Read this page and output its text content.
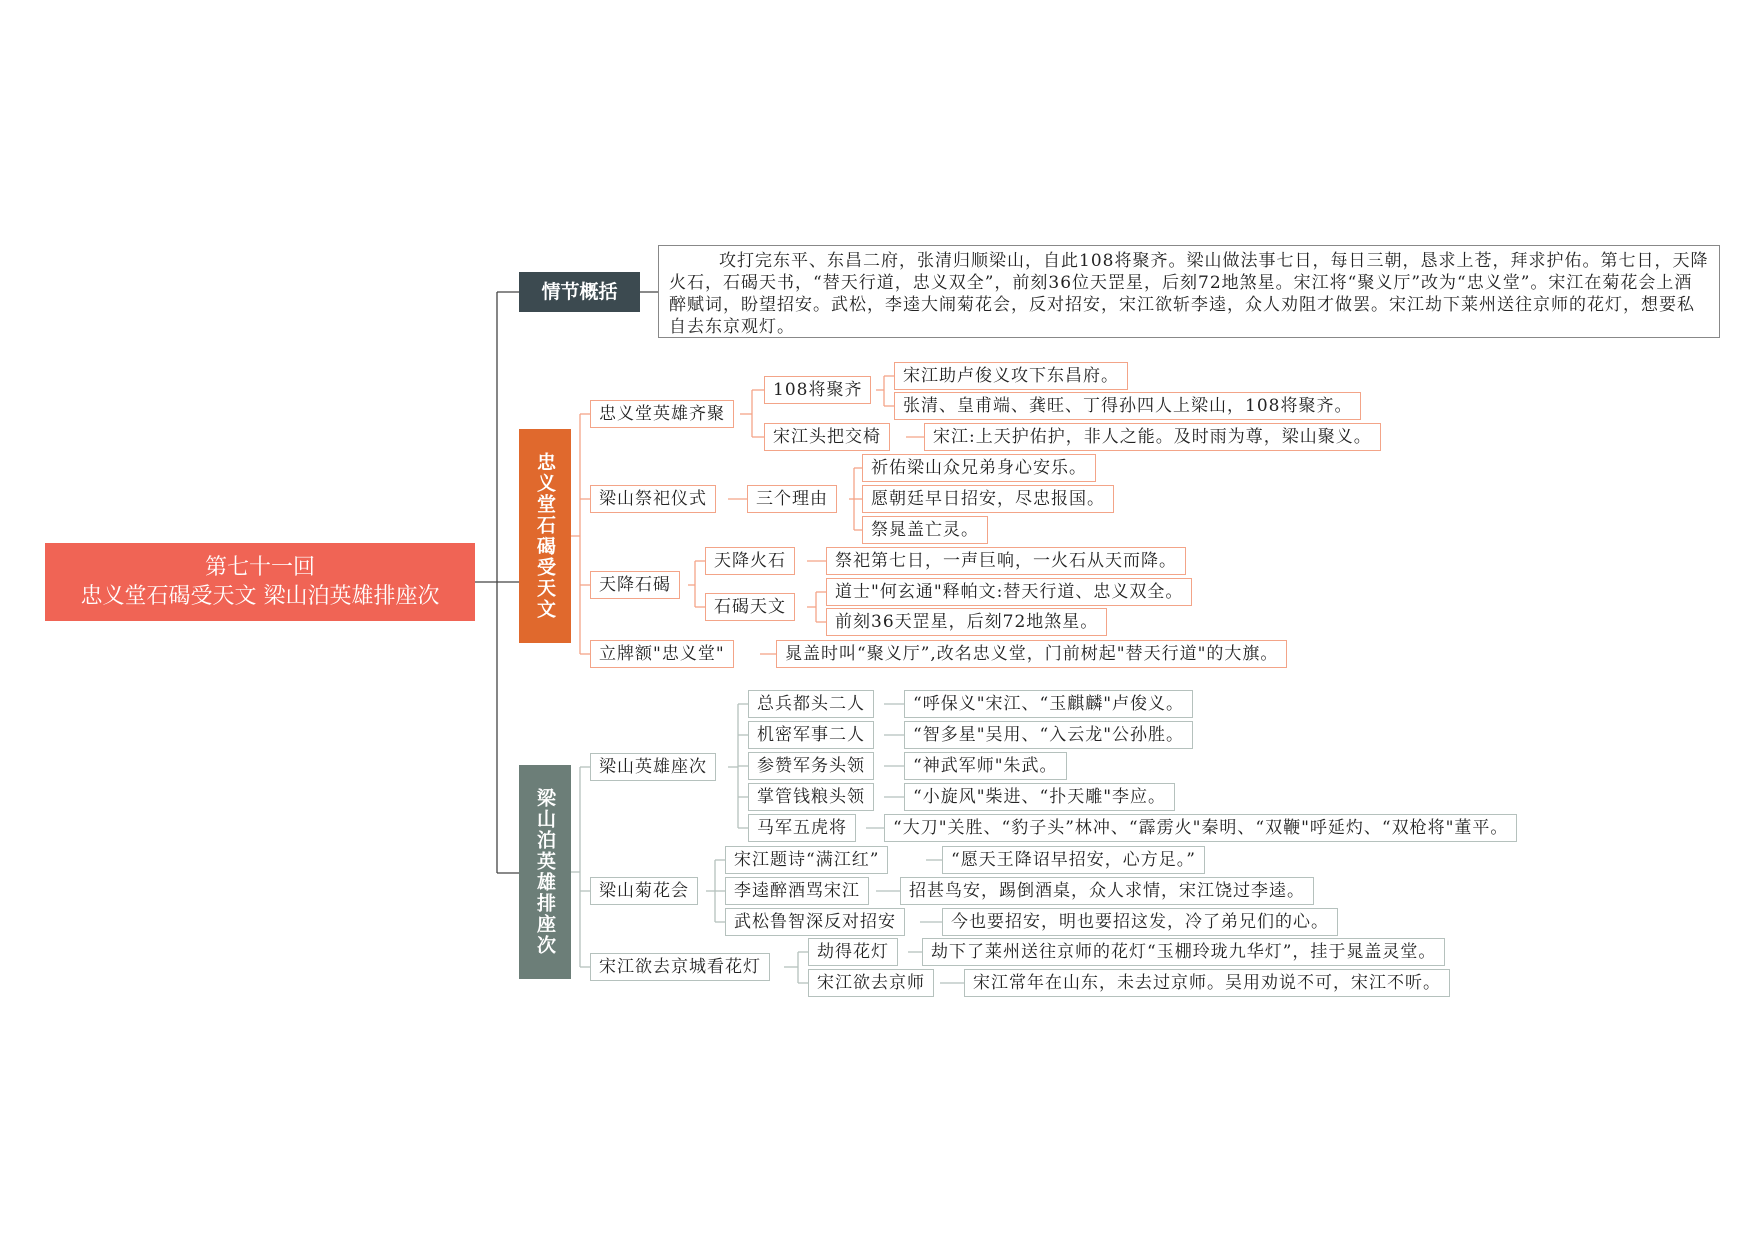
第七十一回
忠义堂石碣受天文 梁山泊英雄排座次
情节概括
攻打完东平、东昌二府，张清归顺梁山，自此108将聚齐。梁山做法事七日，每日三朝，恳求上苍，拜求护佑。第七日，天降火石，石碣天书，“替天行道，忠义双全”，前刻36位天罡星，后刻72地煞星。宋江将“聚义厅”改为“忠义堂”。宋江在菊花会上酒醉赋词，盼望招安。武松，李逵大闹菊花会，反对招安，宋江欲斩李逵，众人劝阻才做罢。宋江劫下莱州送往京师的花灯，想要私自去东京观灯。
忠义堂石碣受天文
梁山泊英雄排座次
忠义堂英雄齐聚
108将聚齐
宋江助卢俊义攻下东昌府。
张清、皇甫端、龚旺、丁得孙四人上梁山，108将聚齐。
宋江头把交椅	宋江:上天护佑护，非人之能。及时雨为尊，梁山聚义。
梁山祭祀仪式	三个理由
祈佑梁山众兄弟身心安乐。
愿朝廷早日招安，尽忠报国。
祭晁盖亡灵。
天降石碣
天降火石	祭祀第七日，一声巨响，一火石从天而降。
石碣天文
道士"何玄通"释帕文:替天行道、忠义双全。
前刻36天罡星，后刻72地煞星。
立牌额"忠义堂"	晁盖时叫“聚义厅”,改名忠义堂，门前树起"替天行道"的大旗。
梁山英雄座次
总兵都头二人	“呼保义"宋江、“玉麒麟"卢俊义。
机密军事二人	“智多星"吴用、“入云龙"公孙胜。
参赞军务头领	“神武军师"朱武。
掌管钱粮头领	“小旋风"柴进、“扑天雕"李应。
马军五虎将	“大刀"关胜、“豹子头”林冲、“霹雳火"秦明、“双鞭"呼延灼、“双枪将"董平。
梁山菊花会
宋江题诗“满江红”	“愿天王降诏早招安，心方足。”
李逵醉酒骂宋江	招甚鸟安，踢倒酒桌，众人求情，宋江饶过李逵。
武松鲁智深反对招安	今也要招安，明也要招这发，冷了弟兄们的心。
宋江欲去京城看花灯
劫得花灯	劫下了莱州送往京师的花灯“玉棚玲珑九华灯”，挂于晁盖灵堂。
宋江欲去京师	宋江常年在山东，未去过京师。吴用劝说不可，宋江不听。
